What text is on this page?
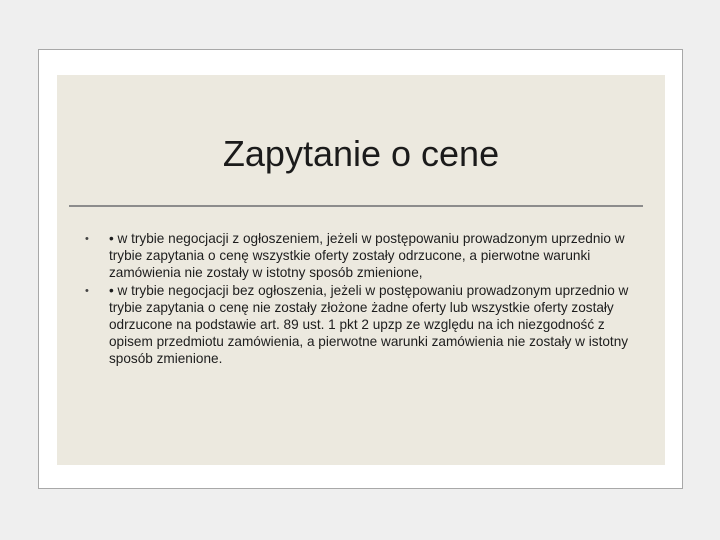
Zapytanie o cene
• • w trybie negocjacji z ogłoszeniem, jeżeli w postępowaniu prowadzonym uprzednio w trybie zapytania o cenę wszystkie oferty zostały odrzucone, a pierwotne warunki zamówienia nie zostały w istotny sposób zmienione,
• • w trybie negocjacji bez ogłoszenia, jeżeli w postępowaniu prowadzonym uprzednio w trybie zapytania o cenę nie zostały złożone żadne oferty lub wszystkie oferty zostały odrzucone na podstawie art. 89 ust. 1 pkt 2 upzp ze względu na ich niezgodność z opisem przedmiotu zamówienia, a pierwotne warunki zamówienia nie zostały w istotny sposób zmienione.
